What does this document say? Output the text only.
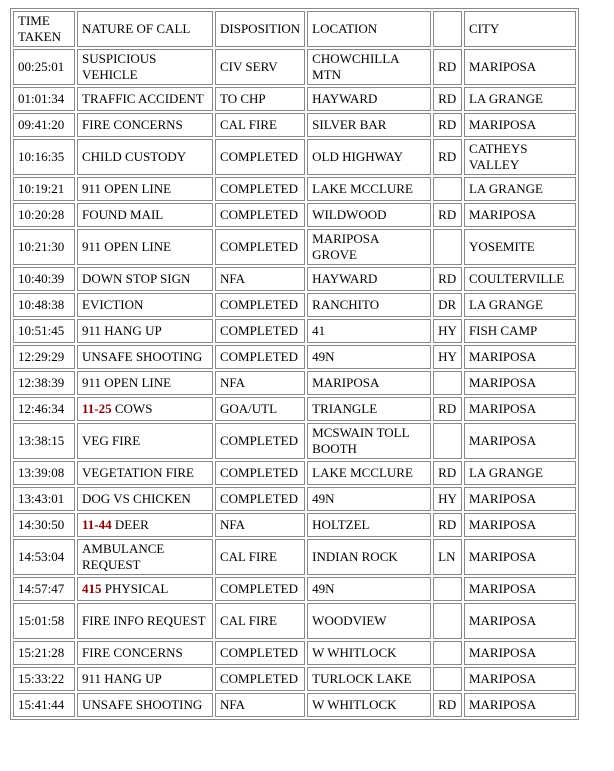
TIME TAKEN	NATURE OF CALL	DISPOSITION	LOCATION		CITY
00:25:01	SUSPICIOUS VEHICLE	CIV SERV	CHOWCHILLA MTN	RD	MARIPOSA
01:01:34	TRAFFIC ACCIDENT	TO CHP	HAYWARD	RD	LA GRANGE
09:41:20	FIRE CONCERNS	CAL FIRE	SILVER BAR	RD	MARIPOSA
10:16:35	CHILD CUSTODY	COMPLETED	OLD HIGHWAY	RD	CATHEYS VALLEY
10:19:21	911 OPEN LINE	COMPLETED	LAKE MCCLURE		LA GRANGE
10:20:28	FOUND MAIL	COMPLETED	WILDWOOD	RD	MARIPOSA
10:21:30	911 OPEN LINE	COMPLETED	MARIPOSA GROVE		YOSEMITE
10:40:39	DOWN STOP SIGN	NFA	HAYWARD	RD	COULTERVILLE
10:48:38	EVICTION	COMPLETED	RANCHITO	DR	LA GRANGE
10:51:45	911 HANG UP	COMPLETED	41	HY	FISH CAMP
12:29:29	UNSAFE SHOOTING	COMPLETED	49N	HY	MARIPOSA
12:38:39	911 OPEN LINE	NFA	MARIPOSA		MARIPOSA
12:46:34	11-25 COWS	GOA/UTL	TRIANGLE	RD	MARIPOSA
13:38:15	VEG FIRE	COMPLETED	MCSWAIN TOLL BOOTH		MARIPOSA
13:39:08	VEGETATION FIRE	COMPLETED	LAKE MCCLURE	RD	LA GRANGE
13:43:01	DOG VS CHICKEN	COMPLETED	49N	HY	MARIPOSA
14:30:50	11-44 DEER	NFA	HOLTZEL	RD	MARIPOSA
14:53:04	AMBULANCE REQUEST	CAL FIRE	INDIAN ROCK	LN	MARIPOSA
14:57:47	415 PHYSICAL	COMPLETED	49N		MARIPOSA
15:01:58	FIRE INFO REQUEST	CAL FIRE	WOODVIEW		MARIPOSA
15:21:28	FIRE CONCERNS	COMPLETED	W WHITLOCK		MARIPOSA
15:33:22	911 HANG UP	COMPLETED	TURLOCK LAKE		MARIPOSA
15:41:44	UNSAFE SHOOTING	NFA	W WHITLOCK	RD	MARIPOSA
